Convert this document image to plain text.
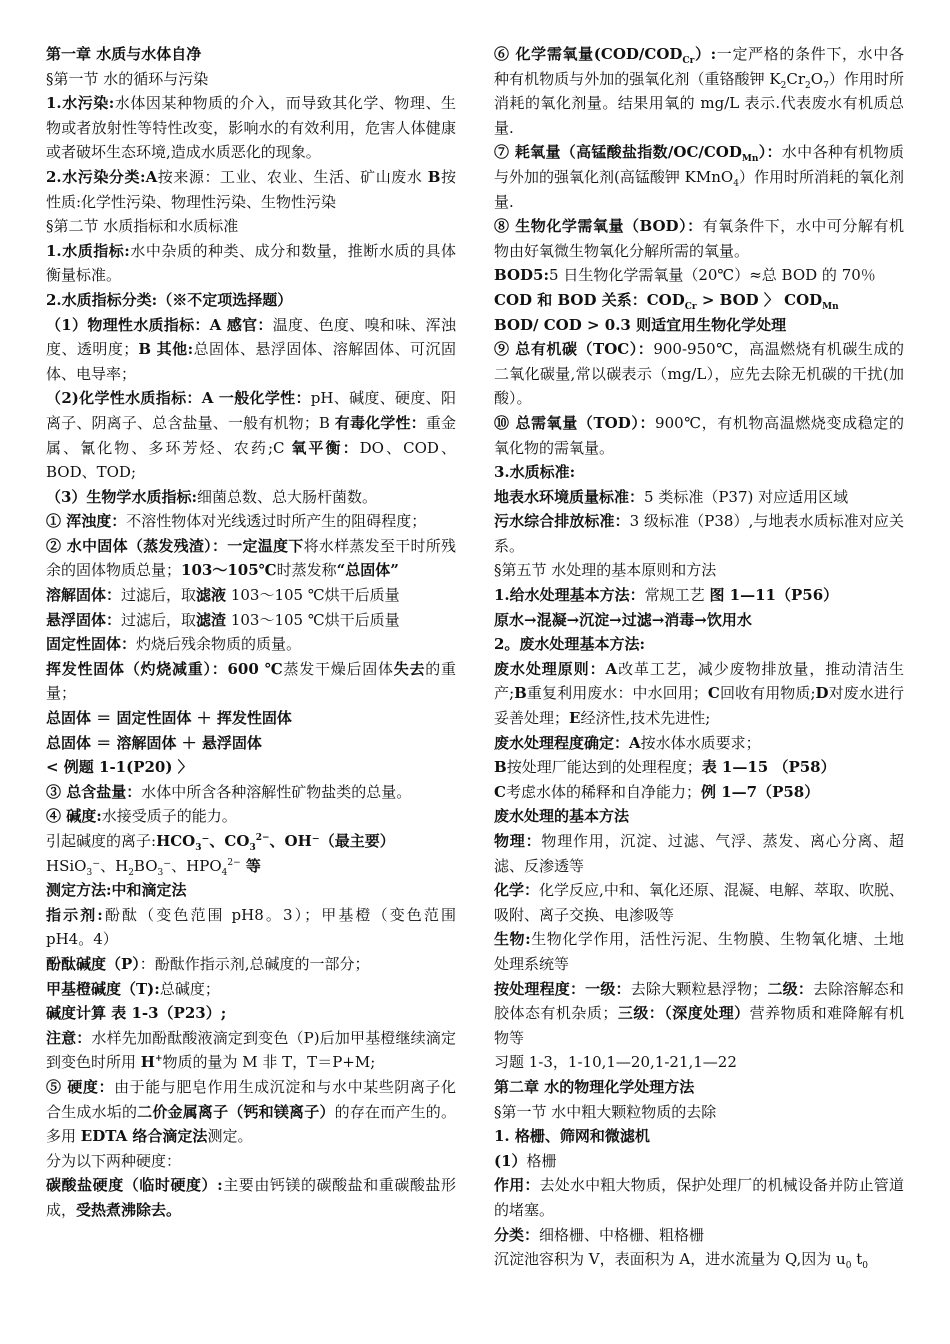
第一章 水质与水体自净

§第一节 水的循环与污染

1.水污染:水体因某种物质的介入，而导致其化学、物理、生物或者放射性等特性改变，影响水的有效利用，危害人体健康或者破坏生态环境,造成水质恶化的现象。

2.水污染分类:A按来源：工业、农业、生活、矿山废水 B按性质:化学性污染、物理性污染、生物性污染

§第二节 水质指标和水质标准

1.水质指标:水中杂质的种类、成分和数量，推断水质的具体衡量标准。

2.水质指标分类:（※不定项选择题）

（1）物理性水质指标：A 感官：温度、色度、嗅和味、浑浊度、透明度；B 其他:总固体、悬浮固体、溶解固体、可沉固体、电导率；

（2)化学性水质指标：A 一般化学性：pH、碱度、硬度、阳离子、阴离子、总含盐量、一般有机物；B 有毒化学性：重金属、氰化物、多环芳烃、农药;C 氧平衡：DO、COD、BOD、TOD;

（3）生物学水质指标:细菌总数、总大肠杆菌数。

① 浑浊度：不溶性物体对光线透过时所产生的阻碍程度；

② 水中固体（蒸发残渣）：一定温度下将水样蒸发至干时所残余的固体物质总量；103～105℃时蒸发称“总固体”

溶解固体：过滤后，取滤液 103～105 ℃烘干后质量

悬浮固体：过滤后，取滤渣 103～105 ℃烘干后质量

固定性固体：灼烧后残余物质的质量。

挥发性固体（灼烧减重）：600 ℃蒸发干燥后固体失去的重量；

总固体 ＝ 固定性固体 ＋ 挥发性固体

总固体 ＝ 溶解固体 ＋ 悬浮固体

< 例题 1-1(P20) 〉

③ 总含盐量：水体中所含各种溶解性矿物盐类的总量。

④ 碱度:水接受质子的能力。

引起碱度的离子$:HCO_3^-$、$CO_3^{2-}$、OH⁻（最主要）

HSiO$_3$⁻、$H_2BO_3^-$、$HPO_4^{2-}$ 等

测定方法:中和滴定法

指示剂:酚酞（变色范围 pH8。3）；甲基橙（变色范围 pH4。4）

酚酞碱度（P）：酚酞作指示剂,总碱度的一部分；

甲基橙碱度（T):总碱度；

碱度计算 表 1-3（P23）;

注意：水样先加酚酞酸液滴定到变色（P)后加甲基橙继续滴定到变色时所用 H+物质的量为 M 非 T，T＝P+M;

⑤ 硬度：由于能与肥皂作用生成沉淀和与水中某些阴离子化合生成水垢的二价金属离子（钙和镁离子）的存在而产生的。多用 EDTA 络合滴定法测定。

分为以下两种硬度：

碳酸盐硬度（临时硬度）:主要由钙镁的碳酸盐和重碳酸盐形成，受热煮沸除去。

⑥ 化学需氧量$(COD/COD_{Cr})$:一定严格的条件下，水中各种有机物质与外加的强氧化剂（重铬酸钾 $K_2Cr_2O_7$）作用时所消耗的氧化剂量。结果用氧的 mg/L 表示.代表废水有机质总量.

⑦ 耗氧量（高锰酸盐指数$/OC/COD_{Mn}$）：水中各种有机物质与外加的强氧化剂(高锰酸钾 KMnO$_4$）作用时所消耗的氧化剂量.

⑧ 生物化学需氧量（BOD）：有氧条件下，水中可分解有机物由好氧微生物氧化分解所需的氧量。

BOD5:5 日生物化学需氧量（20℃）≈总 BOD 的 70％

COD 和 BOD 关系：$COD_{Cr}$ > BOD 〉 $COD_{Mn}$

BOD/ COD > 0.3 则适宜用生物化学处理

⑨ 总有机碳（TOC）：900-950℃，高温燃烧有机碳生成的二氧化碳量,常以碳表示（mg/L），应先去除无机碳的干扰(加酸）。

⑩ 总需氧量（TOD）：900℃，有机物高温燃烧变成稳定的氧化物的需氧量。

3.水质标准:

地表水环境质量标准：5 类标准（P37) 对应适用区域

污水综合排放标准：3 级标准（P38）,与地表水质标准对应关系。

§第五节 水处理的基本原则和方法

1.给水处理基本方法：常规工艺 图 1—11（P56）

原水→混凝→沉淀→过滤→消毒→饮用水

2。废水处理基本方法:

废水处理原则：A改革工艺，减少废物排放量，推动清洁生产;B重复利用废水：中水回用；C回收有用物质;D对废水进行妥善处理；E经济性,技术先进性;

废水处理程度确定：A按水体水质要求；

B按处理厂能达到的处理程度；表 1—15 （P58）

C考虑水体的稀释和自净能力；例 1—7（P58）

废水处理的基本方法

物理：物理作用，沉淀、过滤、气浮、蒸发、离心分离、超滤、反渗透等

化学：化学反应,中和、氧化还原、混凝、电解、萃取、吹脱、吸附、离子交换、电渗吸等

生物:生物化学作用，活性污泥、生物膜、生物氧化塘、土地处理系统等

按处理程度：一级：去除大颗粒悬浮物；二级：去除溶解态和胶体态有机杂质；三级：（深度处理）营养物质和难降解有机物等

习题 1-3，1-10,1—20,1-21,1—22

第二章 水的物理化学处理方法

§第一节 水中粗大颗粒物质的去除

1. 格栅、筛网和微滤机

(1）格栅

作用：去处水中粗大物质，保护处理厂的机械设备并防止管道的堵塞。

分类：细格栅、中格栅、粗格栅

沉淀池容积为 V，表面积为 A，进水流量为 Q,因为 $u_0$ $t_0$
